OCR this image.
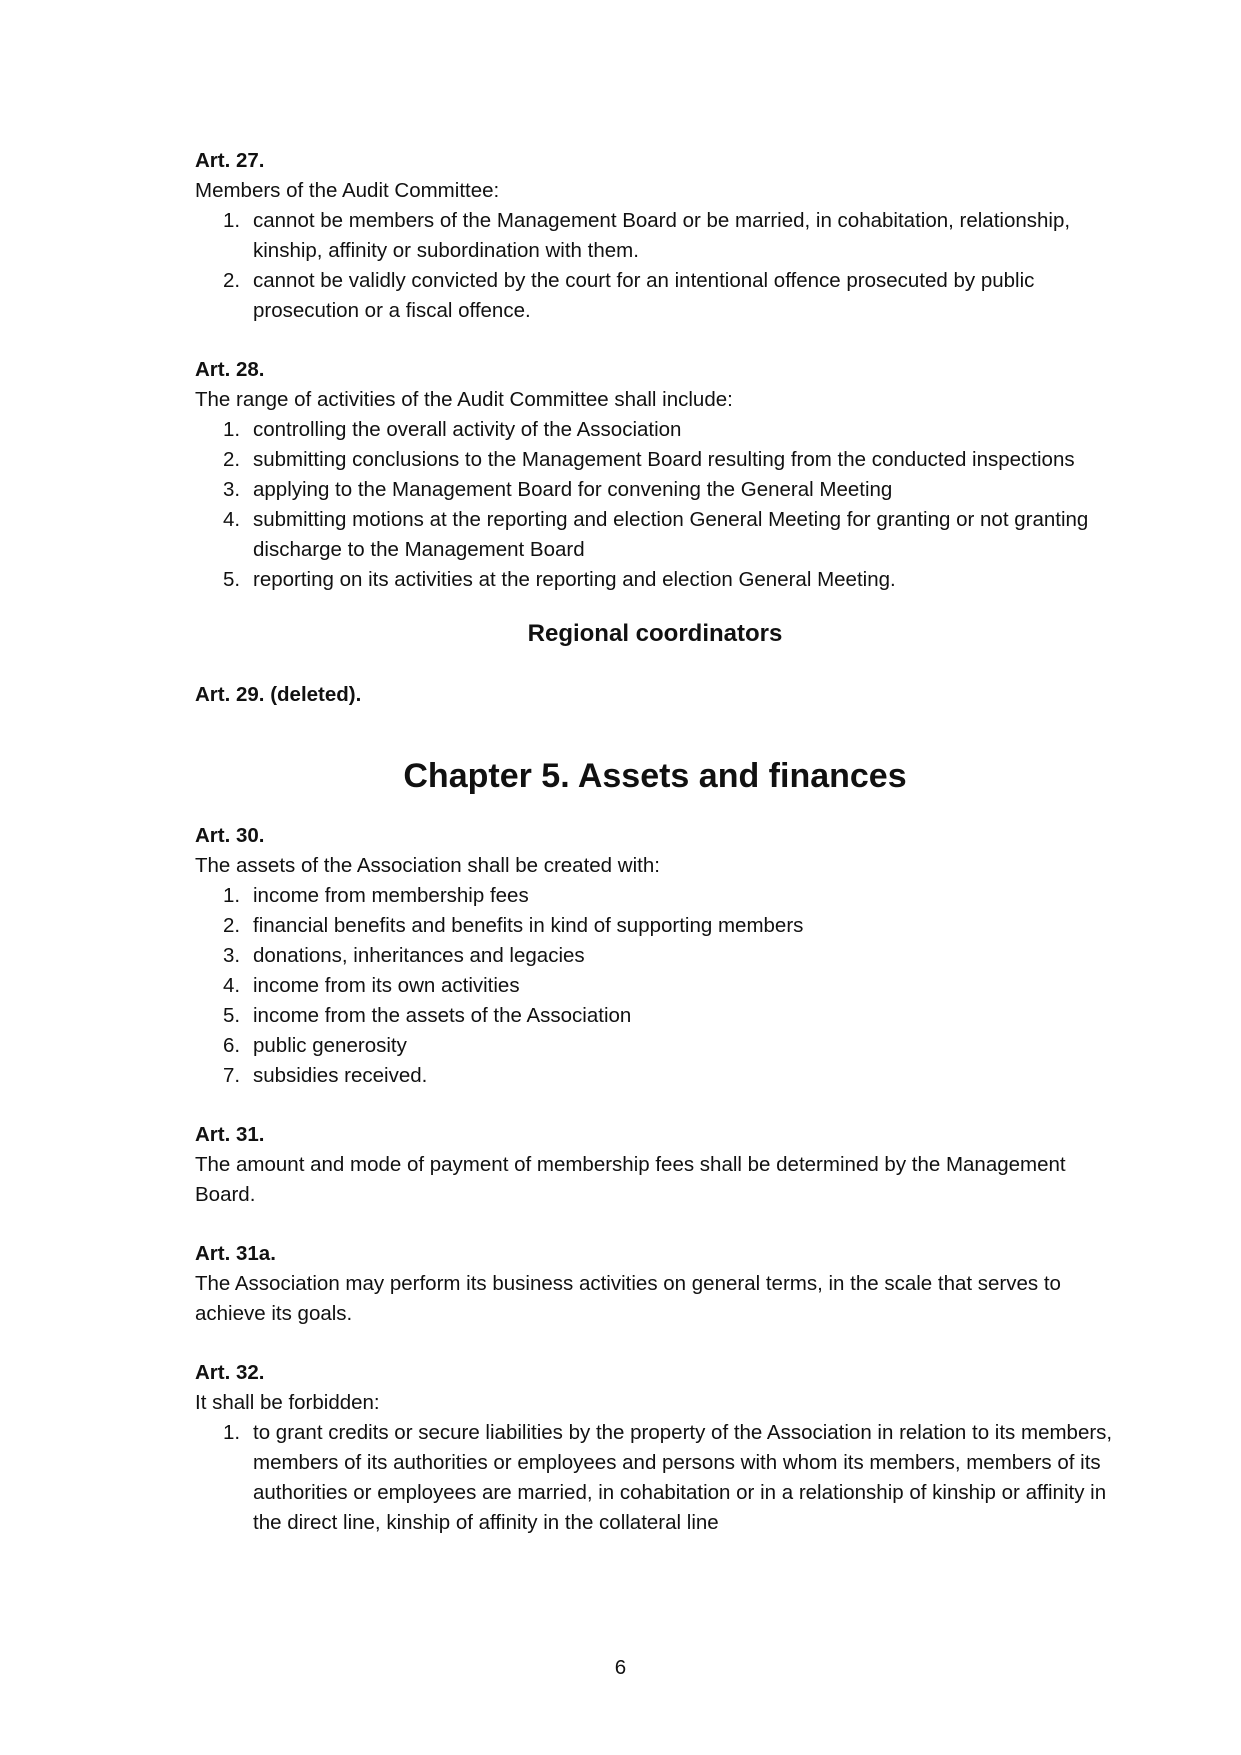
Art. 27.

Members of the Audit Committee:

1. cannot be members of the Management Board or be married, in cohabitation, relationship, kinship, affinity or subordination with them.
2. cannot be validly convicted by the court for an intentional offence prosecuted by public prosecution or a fiscal offence.

Art. 28.

The range of activities of the Audit Committee shall include:

1. controlling the overall activity of the Association
2. submitting conclusions to the Management Board resulting from the conducted inspections
3. applying to the Management Board for convening the General Meeting
4. submitting motions at the reporting and election General Meeting for granting or not granting discharge to the Management Board
5. reporting on its activities at the reporting and election General Meeting.

Regional coordinators

Art. 29. (deleted).

Chapter 5. Assets and finances

Art. 30.

The assets of the Association shall be created with:

1. income from membership fees
2. financial benefits and benefits in kind of supporting members
3. donations, inheritances and legacies
4. income from its own activities
5. income from the assets of the Association
6. public generosity
7. subsidies received.

Art. 31.

The amount and mode of payment of membership fees shall be determined by the Management Board.

Art. 31a.

The Association may perform its business activities on general terms, in the scale that serves to achieve its goals.

Art. 32.

It shall be forbidden:

1. to grant credits or secure liabilities by the property of the Association in relation to its members, members of its authorities or employees and persons with whom its members, members of its authorities or employees are married, in cohabitation or in a relationship of kinship or affinity in the direct line, kinship of affinity in the collateral line
6
